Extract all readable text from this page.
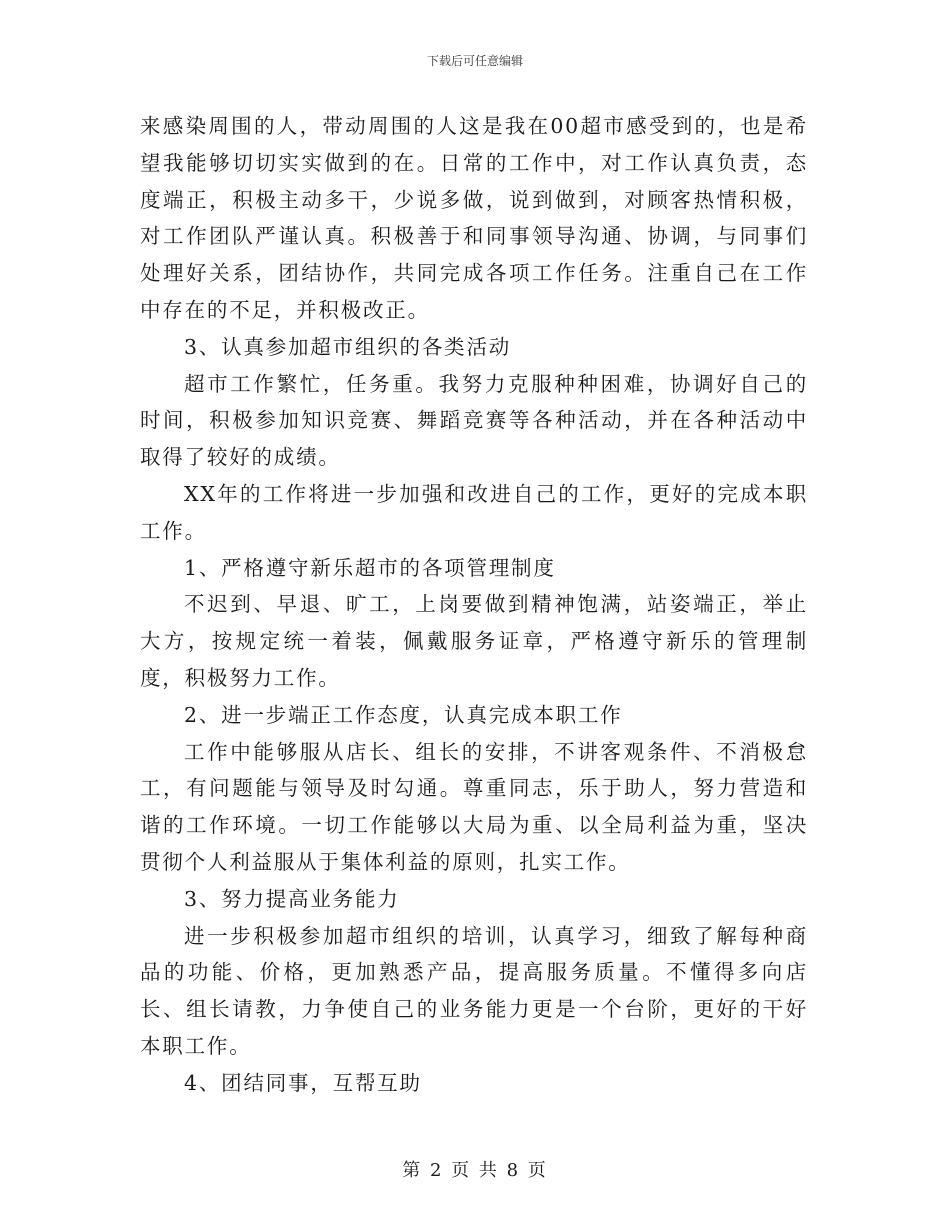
下载后可任意编辑

来感染周围的人，带动周围的人这是我在00超市感受到的，也是希望我能够切切实实做到的在。日常的工作中，对工作认真负责，态度端正，积极主动多干，少说多做，说到做到，对顾客热情积极，对工作团队严谨认真。积极善于和同事领导沟通、协调，与同事们处理好关系，团结协作，共同完成各项工作任务。注重自己在工作中存在的不足，并积极改正。

3、认真参加超市组织的各类活动

超市工作繁忙，任务重。我努力克服种种困难，协调好自己的时间，积极参加知识竞赛、舞蹈竞赛等各种活动，并在各种活动中取得了较好的成绩。

XX年的工作将进一步加强和改进自己的工作，更好的完成本职工作。

1、严格遵守新乐超市的各项管理制度

不迟到、早退、旷工，上岗要做到精神饱满，站姿端正，举止大方，按规定统一着装，佩戴服务证章，严格遵守新乐的管理制度，积极努力工作。

2、进一步端正工作态度，认真完成本职工作

工作中能够服从店长、组长的安排，不讲客观条件、不消极怠工，有问题能与领导及时勾通。尊重同志，乐于助人，努力营造和谐的工作环境。一切工作能够以大局为重、以全局利益为重，坚决贯彻个人利益服从于集体利益的原则，扎实工作。

3、努力提高业务能力

进一步积极参加超市组织的培训，认真学习，细致了解每种商品的功能、价格，更加熟悉产品，提高服务质量。不懂得多向店长、组长请教，力争使自己的业务能力更是一个台阶，更好的干好本职工作。

4、团结同事，互帮互助

第 2 页 共 8 页
